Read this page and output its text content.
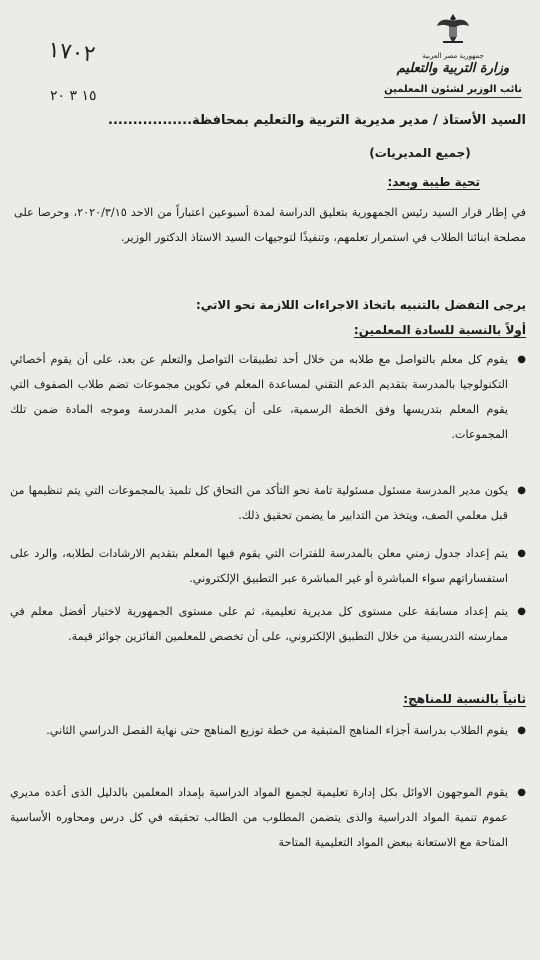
جمهورية مصر العربية
وزارة التربية والتعليم
نائب الوزير لشئون المعلمين
١٧٠٢
١٥ ٣ ٢٠
السيد الأستاذ / مدير مديرية التربية والتعليم بمحافظة.................
(جميع المديريات)
تحية طيبة وبعد:
في إطار قرار السيد رئيس الجمهورية بتعليق الدراسة لمدة أسبوعين اعتباراً من الاحد ٢٠٢٠/٣/١٥، وحرصا على مصلحة ابنائنا الطلاب في استمرار تعلمهم، وتنفيذًا لتوجيهات السيد الاستاذ الدكتور الوزير.
يرجى التفضل بالتنبيه باتخاذ الاجراءات اللازمة نحو الاتي:
أولاً بالنسبة للسادة المعلمين:
●
يقوم كل معلم بالتواصل مع طلابه من خلال أحد تطبيقات التواصل والتعلم عن بعد، على أن يقوم أخصائي التكنولوجيا بالمدرسة بتقديم الدعم التقني لمساعدة المعلم في تكوين مجموعات تضم طلاب الصفوف التي يقوم المعلم بتدريسها وفق الخطة الرسمية، على أن يكون مدير المدرسة وموجه المادة ضمن تلك المجموعات.
●
يكون مدير المدرسة مسئول مسئولية تامة نحو التأكد من التحاق كل تلميذ بالمجموعات التي يتم تنظيمها من قبل معلمي الصف، ويتخذ من التدابير ما يضمن تحقيق ذلك.
●
يتم إعداد جدول زمني معلن بالمدرسة للفترات التي يقوم فيها المعلم بتقديم الارشادات لطلابه، والرد على استفساراتهم سواء المباشرة أو غير المباشرة عبر التطبيق الإلكتروني.
●
يتم إعداد مسابقة على مستوى كل مديرية تعليمية، ثم على مستوى الجمهورية لاختيار أفضل معلم في ممارسته التدريسية من خلال التطبيق الإلكتروني، على أن تخصص للمعلمين الفائزين جوائز قيمة.
ثانياً بالنسبة للمناهج:
●
يقوم الطلاب بدراسة أجزاء المناهج المتبقية من خطة توزيع المناهج حتى نهاية الفصل الدراسي الثاني.
●
يقوم الموجهون الاوائل بكل إدارة تعليمية لجميع المواد الدراسية بإمداد المعلمين بالدليل الذى أعده مديري عموم تنمية المواد الدراسية والذى يتضمن المطلوب من الطالب تحقيقه في كل درس ومحاوره الأساسية المتاحة مع الاستعانة ببعض المواد التعليمية المتاحة
